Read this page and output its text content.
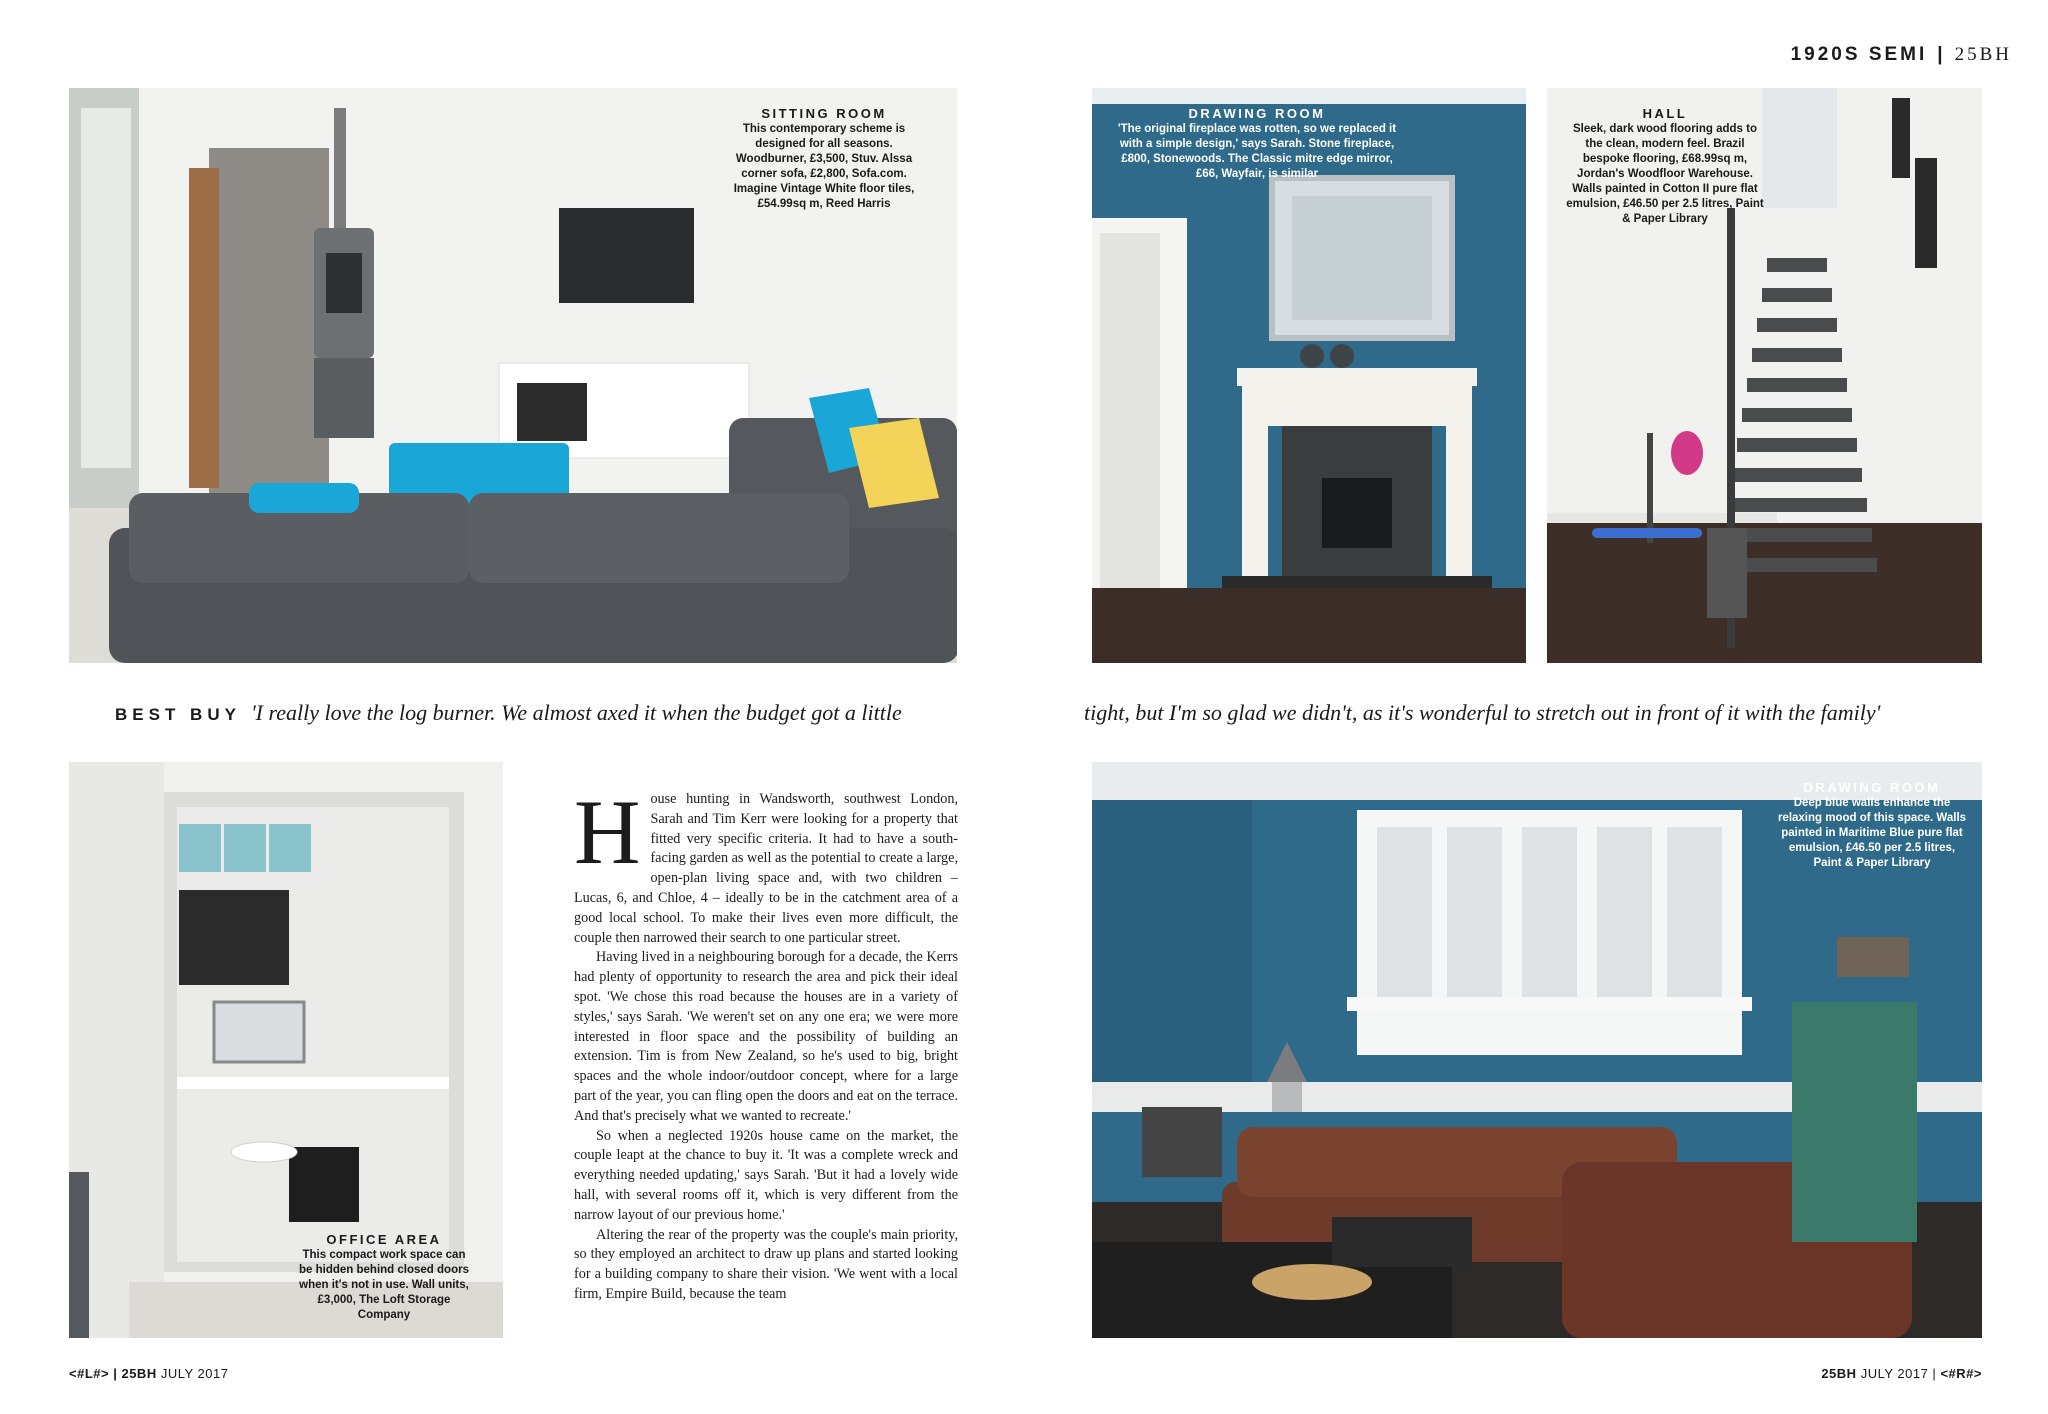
1920S SEMI | 25BH
SITTING ROOM
This contemporary scheme is designed for all seasons. Woodburner, £3,500, Stuv. Alssa corner sofa, £2,800, Sofa.com. Imagine Vintage White floor tiles, £54.99sq m, Reed Harris
DRAWING ROOM
'The original fireplace was rotten, so we replaced it with a simple design,' says Sarah. Stone fireplace, £800, Stonewoods. The Classic mitre edge mirror, £66, Wayfair, is similar
HALL
Sleek, dark wood flooring adds to the clean, modern feel. Brazil bespoke flooring, £68.99sq m, Jordan's Woodfloor Warehouse. Walls painted in Cotton II pure flat emulsion, £46.50 per 2.5 litres, Paint & Paper Library
BEST BUY 'I really love the log burner. We almost axed it when the budget got a little	tight, but I'm so glad we didn't, as it's wonderful to stretch out in front of it with the family'
OFFICE AREA
This compact work space can be hidden behind closed doors when it's not in use. Wall units, £3,000, The Loft Storage Company

House hunting in Wandsworth, southwest London, Sarah and Tim Kerr were looking for a property that fitted very specific criteria. It had to have a south-facing garden as well as the potential to create a large, open-plan living space and, with two children – Lucas, 6, and Chloe, 4 – ideally to be in the catchment area of a good local school. To make their lives even more difficult, the couple then narrowed their search to one particular street.

Having lived in a neighbouring borough for a decade, the Kerrs had plenty of opportunity to research the area and pick their ideal spot. 'We chose this road because the houses are in a variety of styles,' says Sarah. 'We weren't set on any one era; we were more interested in floor space and the possibility of building an extension. Tim is from New Zealand, so he's used to big, bright spaces and the whole indoor/outdoor concept, where for a large part of the year, you can fling open the doors and eat on the terrace. And that's precisely what we wanted to recreate.'

So when a neglected 1920s house came on the market, the couple leapt at the chance to buy it. 'It was a complete wreck and everything needed updating,' says Sarah. 'But it had a lovely wide hall, with several rooms off it, which is very different from the narrow layout of our previous home.'

Altering the rear of the property was the couple's main priority, so they employed an architect to draw up plans and started looking for a building company to share their vision. 'We went with a local firm, Empire Build, because the team

DRAWING ROOM
Deep blue walls enhance the relaxing mood of this space. Walls painted in Maritime Blue pure flat emulsion, £46.50 per 2.5 litres, Paint & Paper Library
<#L#> | 25BH JULY 2017	25BH JULY 2017 | <#R#>
